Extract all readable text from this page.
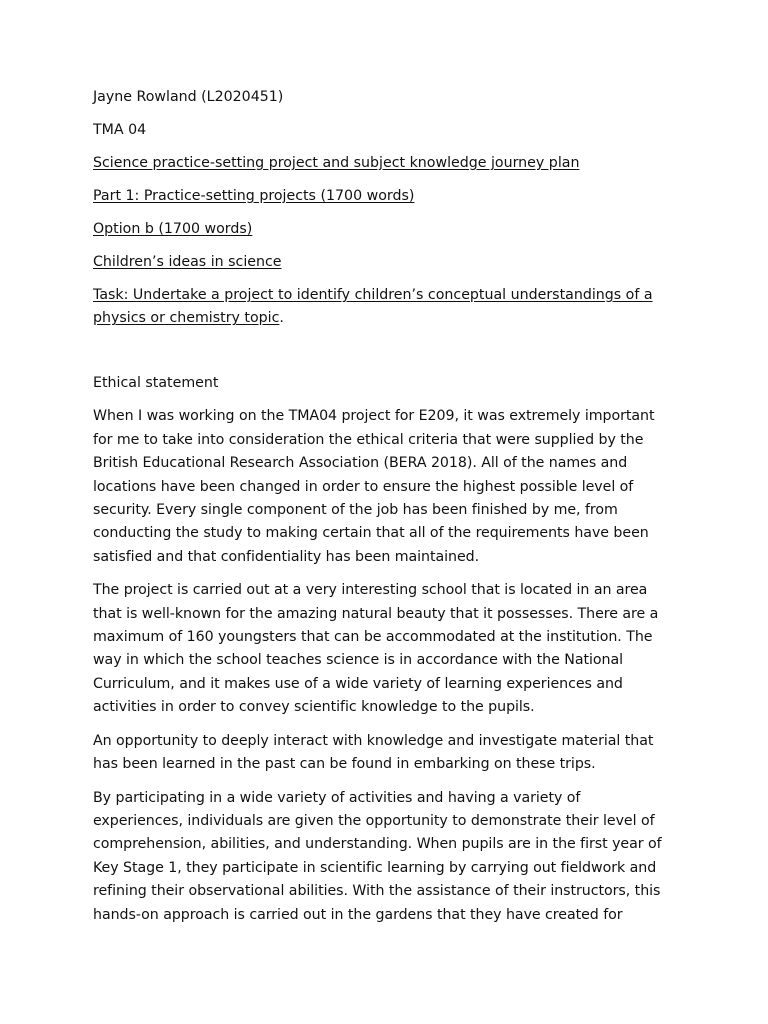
Jayne Rowland (L2020451)
TMA 04
Science practice-setting project and subject knowledge journey plan
Part 1: Practice-setting projects (1700 words)
Option b (1700 words)
Children’s ideas in science
Task: Undertake a project to identify children’s conceptual understandings of a physics or chemistry topic.
Ethical statement

When I was working on the TMA04 project for E209, it was extremely important for me to take into consideration the ethical criteria that were supplied by the British Educational Research Association (BERA 2018). All of the names and locations have been changed in order to ensure the highest possible level of security. Every single component of the job has been finished by me, from conducting the study to making certain that all of the requirements have been satisfied and that confidentiality has been maintained.

The project is carried out at a very interesting school that is located in an area that is well-known for the amazing natural beauty that it possesses. There are a maximum of 160 youngsters that can be accommodated at the institution. The way in which the school teaches science is in accordance with the National Curriculum, and it makes use of a wide variety of learning experiences and activities in order to convey scientific knowledge to the pupils.

An opportunity to deeply interact with knowledge and investigate material that has been learned in the past can be found in embarking on these trips.

By participating in a wide variety of activities and having a variety of experiences, individuals are given the opportunity to demonstrate their level of comprehension, abilities, and understanding. When pupils are in the first year of Key Stage 1, they participate in scientific learning by carrying out fieldwork and refining their observational abilities. With the assistance of their instructors, this hands-on approach is carried out in the gardens that they have created for
